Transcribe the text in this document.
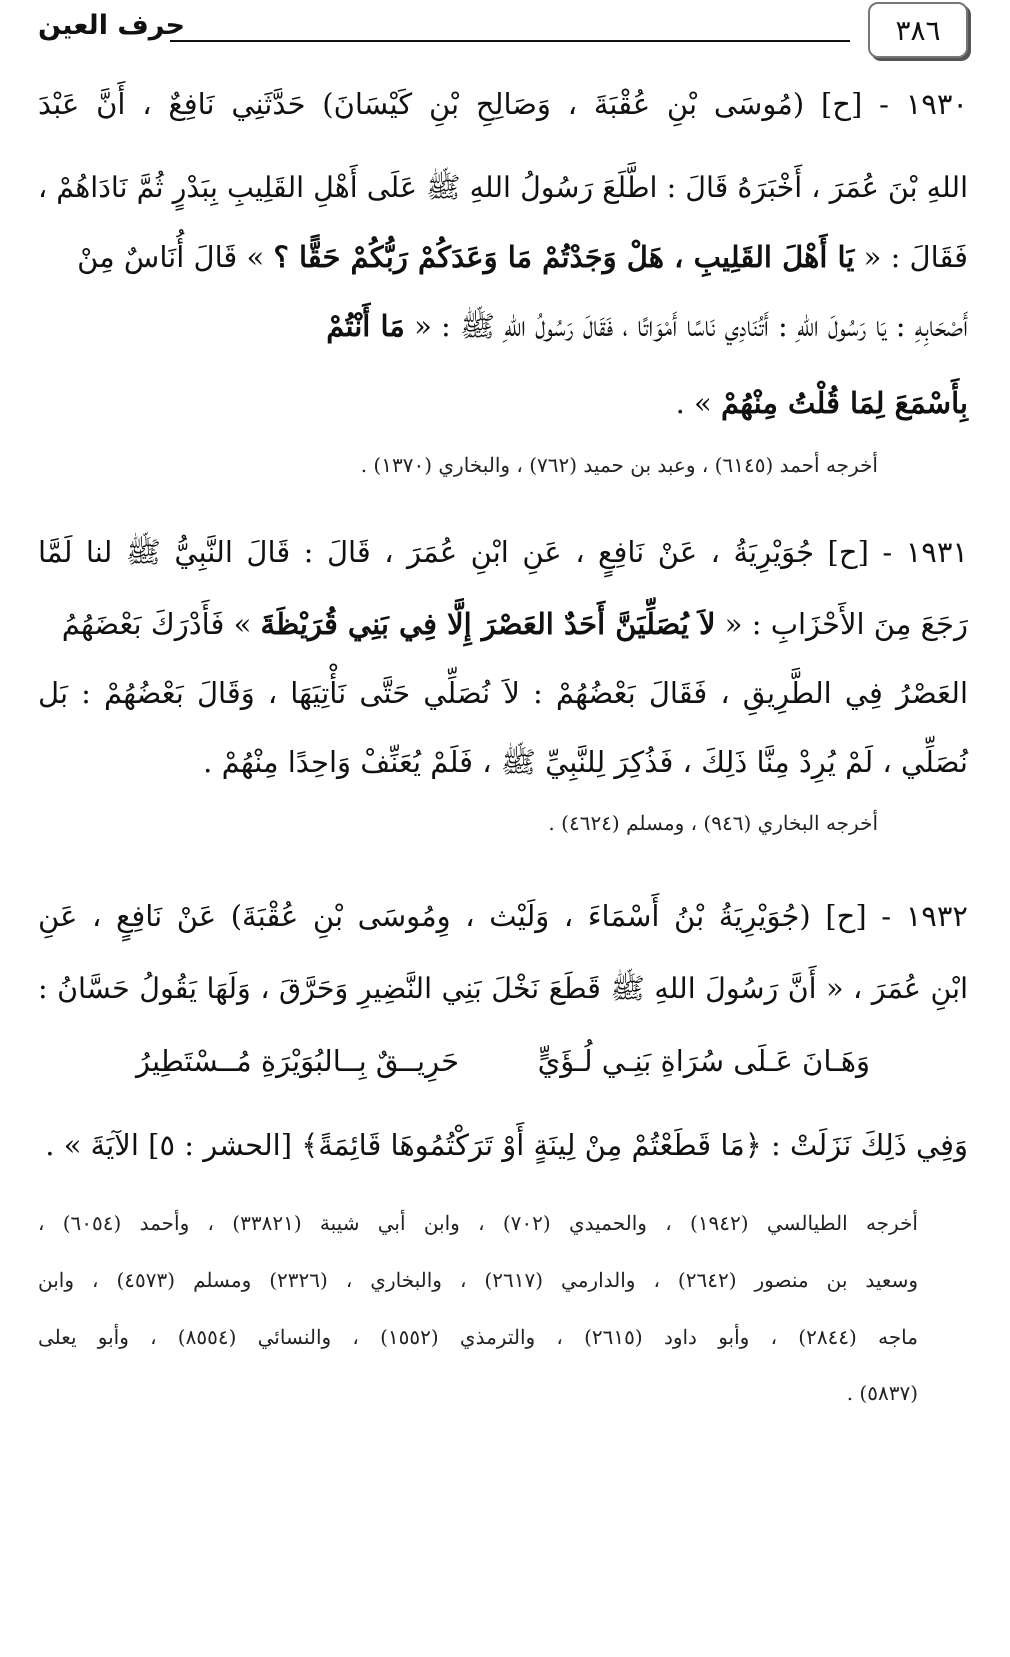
٣٨٦
حرف العين
١٩٣٠ - [ح] (مُوسَى بْنِ عُقْبَةَ ، وَصَالِحِ بْنِ كَيْسَانَ) حَدَّثَنِي نَافِعٌ ، أَنَّ عَبْدَ
اللهِ بْنَ عُمَرَ ، أَخْبَرَهُ قَالَ : اطَّلَعَ رَسُولُ اللهِ ﷺ عَلَى أَهْلِ القَلِيبِ بِبَدْرٍ ثُمَّ نَادَاهُمْ ،
فَقَالَ : « يَا أَهْلَ القَلِيبِ ، هَلْ وَجَدْتُمْ مَا وَعَدَكُمْ رَبُّكُمْ حَقًّا ؟ » قَالَ أُنَاسٌ مِنْ
أَصْحَابِهِ : يَا رَسُولَ اللهِ : أَتُنَادِي نَاسًا أَمْوَاتًا ، فَقَالَ رَسُولُ اللهِ ﷺ : « مَا أَنْتُمْ
بِأَسْمَعَ لِمَا قُلْتُ مِنْهُمْ » .
أخرجه أحمد (٦١٤٥) ، وعبد بن حميد (٧٦٢) ، والبخاري (١٣٧٠) .
١٩٣١ - [ح] جُوَيْرِيَةُ ، عَنْ نَافِعٍ ، عَنِ ابْنِ عُمَرَ ، قَالَ : قَالَ النَّبِيُّ ﷺ لنا لَمَّا
رَجَعَ مِنَ الأَحْزَابِ : « لاَ يُصَلِّيَنَّ أَحَدٌ العَصْرَ إِلَّا فِي بَنِي قُرَيْظَةَ » فَأَدْرَكَ بَعْضَهُمُ
العَصْرُ فِي الطَّرِيقِ ، فَقَالَ بَعْضُهُمْ : لاَ نُصَلِّي حَتَّى نَأْتِيَهَا ، وَقَالَ بَعْضُهُمْ : بَل
نُصَلِّي ، لَمْ يُرِدْ مِنَّا ذَلِكَ ، فَذُكِرَ لِلنَّبِيِّ ﷺ ، فَلَمْ يُعَنِّفْ وَاحِدًا مِنْهُمْ .
أخرجه البخاري (٩٤٦) ، ومسلم (٤٦٢٤) .
١٩٣٢ - [ح] (جُوَيْرِيَةُ بْنُ أَسْمَاءَ ، وَلَيْث ، وِمُوسَى بْنِ عُقْبَةَ) عَنْ نَافِعٍ ، عَنِ
ابْنِ عُمَرَ ، « أَنَّ رَسُولَ اللهِ ﷺ قَطَعَ نَخْلَ بَنِي النَّضِيرِ وَحَرَّقَ ، وَلَهَا يَقُولُ حَسَّانُ :
وَهَـانَ عَـلَى سُرَاةِ بَنِـي لُـؤَيٍّ
حَرِيــقٌ بِــالبُوَيْرَةِ مُــسْتَطِيرُ
وَفِي ذَلِكَ نَزَلَتْ : ﴿مَا قَطَعْتُمْ مِنْ لِينَةٍ أَوْ تَرَكْتُمُوهَا قَائِمَةً﴾ [الحشر : ٥] الآيَةَ » .
أخرجه الطيالسي (١٩٤٢) ، والحميدي (٧٠٢) ، وابن أبي شيبة (٣٣٨٢١) ، وأحمد (٦٠٥٤) ،
وسعيد بن منصور (٢٦٤٢) ، والدارمي (٢٦١٧) ، والبخاري ، (٢٣٢٦) ومسلم (٤٥٧٣) ، وابن
ماجه (٢٨٤٤) ، وأبو داود (٢٦١٥) ، والترمذي (١٥٥٢) ، والنسائي (٨٥٥٤) ، وأبو يعلى
(٥٨٣٧) .
